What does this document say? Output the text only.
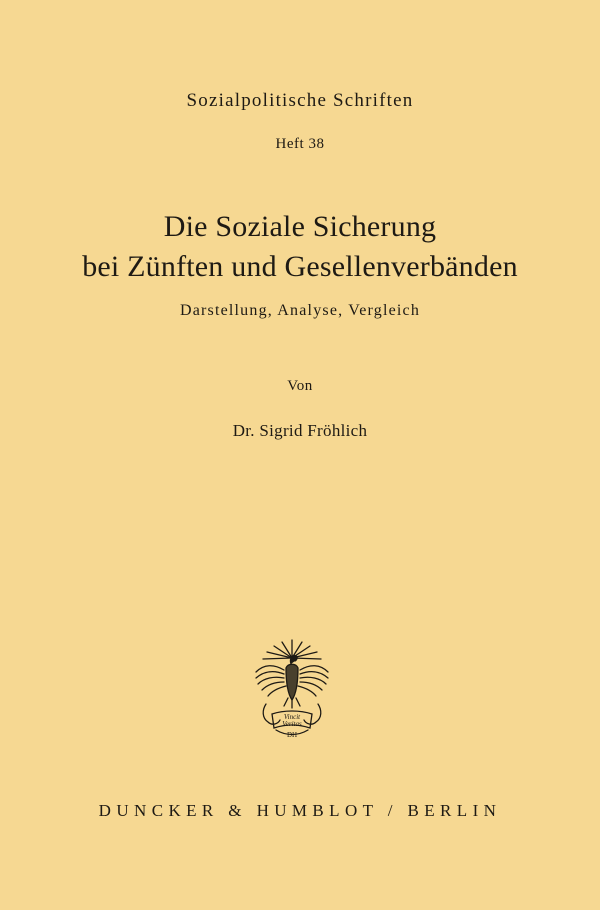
Sozialpolitische Schriften
Heft 38
Die Soziale Sicherung
bei Zünften und Gesellenverbänden
Darstellung, Analyse, Vergleich
Von
Dr. Sigrid Fröhlich
Vincit
Veritas
DH
DUNCKER & HUMBLOT / BERLIN
